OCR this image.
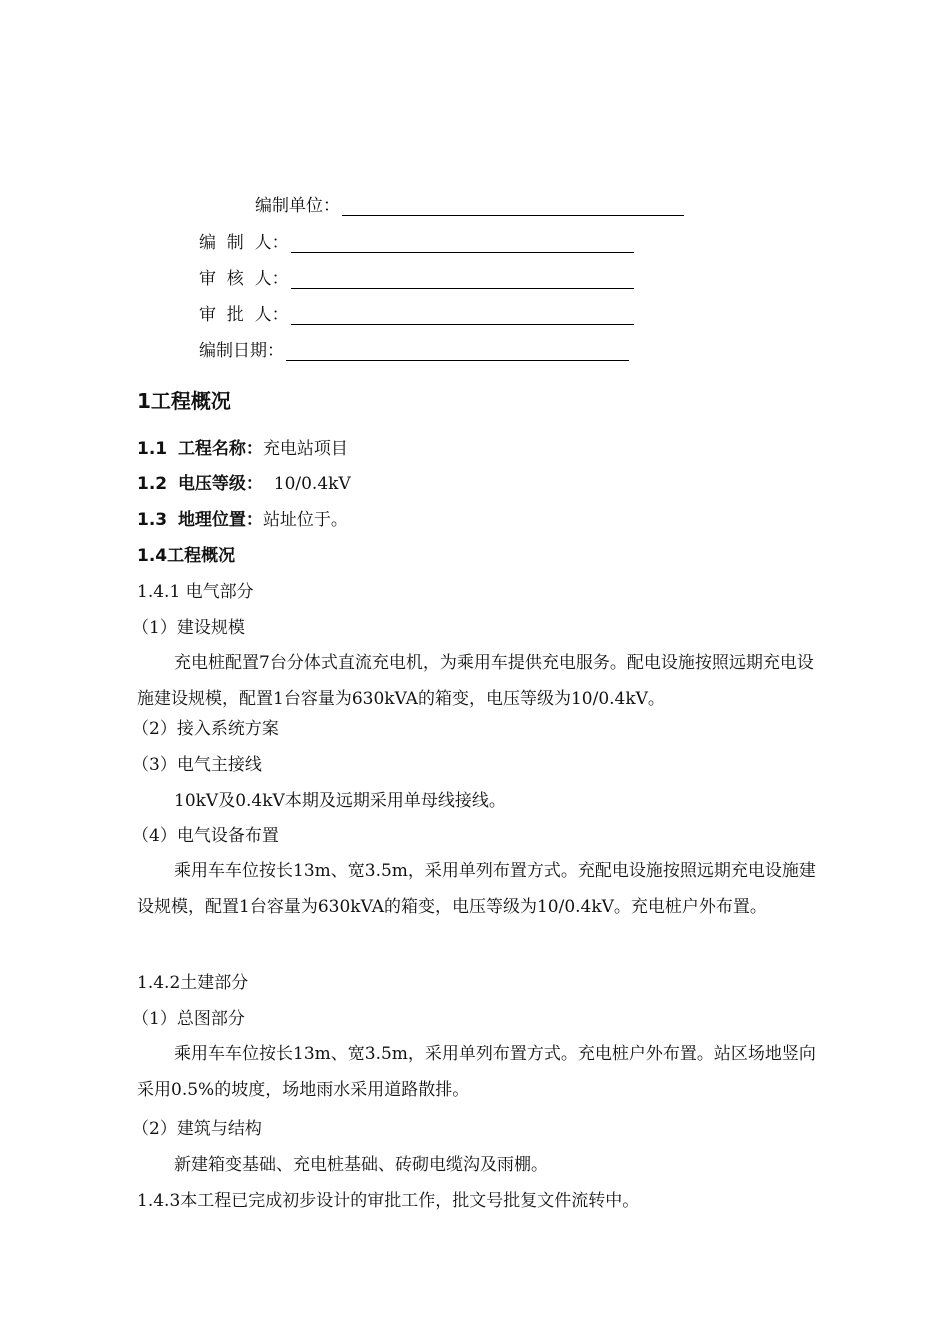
编制单位：
编  制  人：
审  核  人：
审  批  人：
编制日期：
1工程概况
1.1 工程名称：充电站项目
1.2 电压等级： 10/0.4kV
1.3 地理位置：站址位于。
1.4工程概况
1.4.1 电气部分
（1）建设规模
充电桩配置7台分体式直流充电机，为乘用车提供充电服务。配电设施按照远期充电设施建设规模，配置1台容量为630kVA的箱变，电压等级为10/0.4kV。
（2）接入系统方案
（3）电气主接线
10kV及0.4kV本期及远期采用单母线接线。
（4）电气设备布置
乘用车车位按长13m、宽3.5m，采用单列布置方式。充配电设施按照远期充电设施建设规模，配置1台容量为630kVA的箱变，电压等级为10/0.4kV。充电桩户外布置。
1.4.2土建部分
（1）总图部分
乘用车车位按长13m、宽3.5m，采用单列布置方式。充电桩户外布置。站区场地竖向采用0.5%的坡度，场地雨水采用道路散排。
（2）建筑与结构
新建箱变基础、充电桩基础、砖砌电缆沟及雨棚。
1.4.3本工程已完成初步设计的审批工作，批文号批复文件流转中。
